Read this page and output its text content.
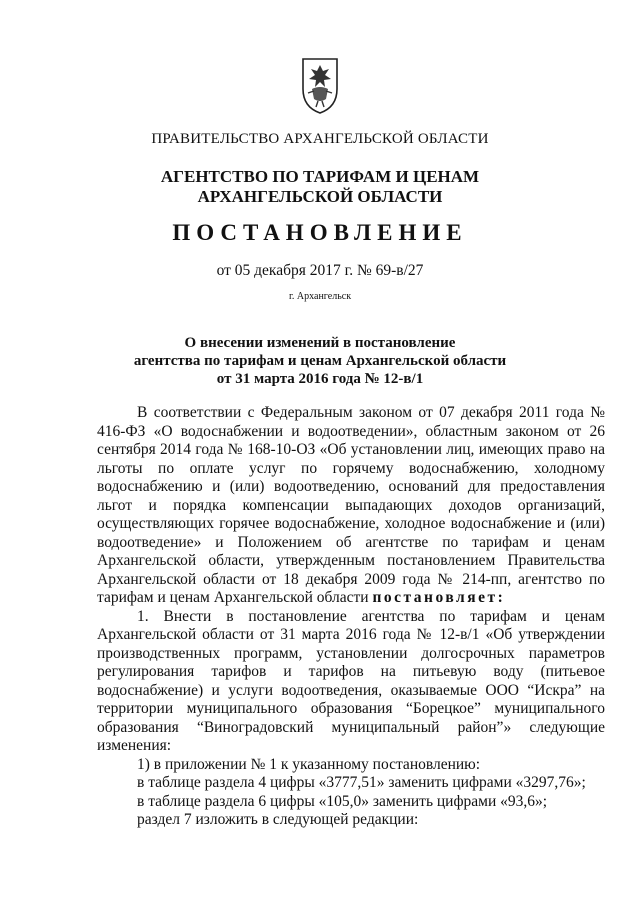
ПРАВИТЕЛЬСТВО АРХАНГЕЛЬСКОЙ ОБЛАСТИ
АГЕНТСТВО ПО ТАРИФАМ И ЦЕНАМ
АРХАНГЕЛЬСКОЙ ОБЛАСТИ
ПОСТАНОВЛЕНИЕ
от 05 декабря 2017 г. № 69-в/27
г. Архангельск
О внесении изменений в постановление
агентства по тарифам и ценам Архангельской области
от 31 марта 2016 года № 12-в/1

В соответствии с Федеральным законом от 07 декабря 2011 года № 416-ФЗ «О водоснабжении и водоотведении», областным законом от 26 сентября 2014 года № 168-10-ОЗ «Об установлении лиц, имеющих право на льготы по оплате услуг по горячему водоснабжению, холодному водоснабжению и (или) водоотведению, оснований для предоставления льгот и порядка компенсации выпадающих доходов организаций, осуществляющих горячее водоснабжение, холодное водоснабжение и (или) водоотведение» и Положением об агентстве по тарифам и ценам Архангельской области, утвержденным постановлением Правительства Архангельской области от 18 декабря 2009 года № 214-пп, агентство по тарифам и ценам Архангельской области постановляет:

1. Внести в постановление агентства по тарифам и ценам Архангельской области от 31 марта 2016 года № 12-в/1 «Об утверждении производственных программ, установлении долгосрочных параметров регулирования тарифов и тарифов на питьевую воду (питьевое водоснабжение) и услуги водоотведения, оказываемые ООО “Искра” на территории муниципального образования “Борецкое” муниципального образования “Виноградовский муниципальный район”» следующие изменения:

1) в приложении № 1 к указанному постановлению:

в таблице раздела 4 цифры «3777,51» заменить цифрами «3297,76»;

в таблице раздела 6 цифры «105,0» заменить цифрами «93,6»;

раздел 7 изложить в следующей редакции:
